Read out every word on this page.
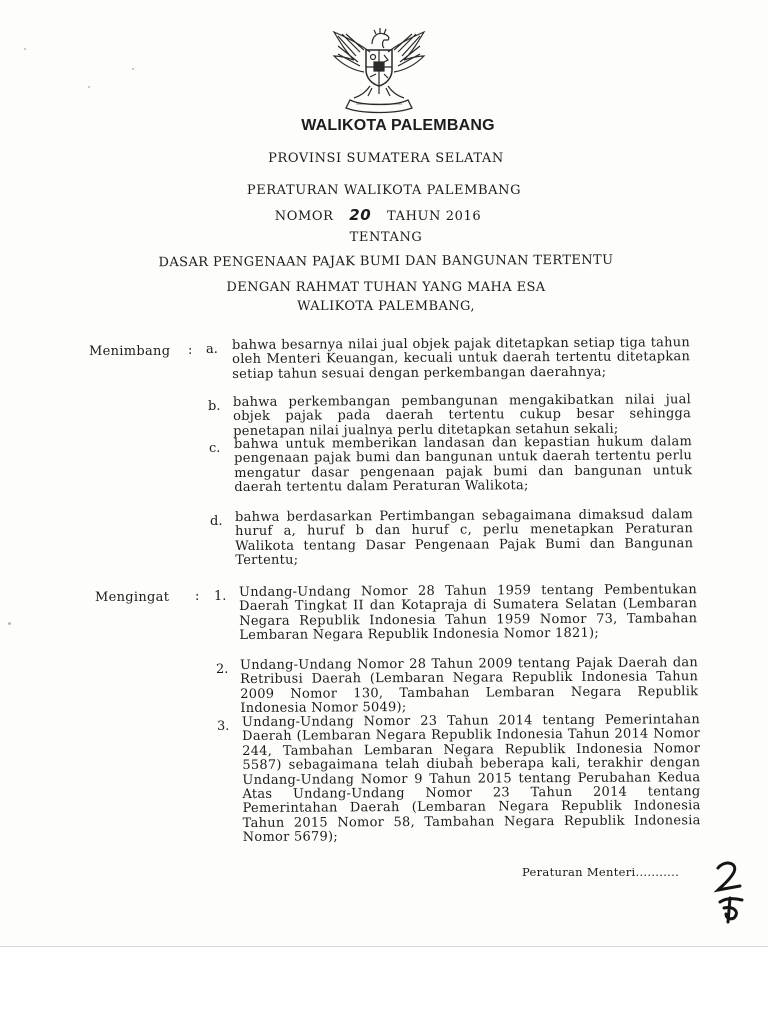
WALIKOTA PALEMBANG
PROVINSI SUMATERA SELATAN
PERATURAN WALIKOTA PALEMBANG
NOMOR 20 TAHUN 2016
TENTANG
DASAR PENGENAAN PAJAK BUMI DAN BANGUNAN TERTENTU
DENGAN RAHMAT TUHAN YANG MAHA ESA
WALIKOTA PALEMBANG,
Menimbang : a. bahwa besarnya nilai jual objek pajak ditetapkan setiap tiga tahun oleh Menteri Keuangan, kecuali untuk daerah tertentu ditetapkan setiap tahun sesuai dengan perkembangan daerahnya;
b. bahwa perkembangan pembangunan mengakibatkan nilai jual objek pajak pada daerah tertentu cukup besar sehingga penetapan nilai jualnya perlu ditetapkan setahun sekali;
c. bahwa untuk memberikan landasan dan kepastian hukum dalam pengenaan pajak bumi dan bangunan untuk daerah tertentu perlu mengatur dasar pengenaan pajak bumi dan bangunan untuk daerah tertentu dalam Peraturan Walikota;
d. bahwa berdasarkan Pertimbangan sebagaimana dimaksud dalam huruf a, huruf b dan huruf c, perlu menetapkan Peraturan Walikota tentang Dasar Pengenaan Pajak Bumi dan Bangunan Tertentu;
Mengingat : 1. Undang-Undang Nomor 28 Tahun 1959 tentang Pembentukan Daerah Tingkat II dan Kotapraja di Sumatera Selatan (Lembaran Negara Republik Indonesia Tahun 1959 Nomor 73, Tambahan Lembaran Negara Republik Indonesia Nomor 1821);
2. Undang-Undang Nomor 28 Tahun 2009 tentang Pajak Daerah dan Retribusi Daerah (Lembaran Negara Republik Indonesia Tahun 2009 Nomor 130, Tambahan Lembaran Negara Republik Indonesia Nomor 5049);
3. Undang-Undang Nomor 23 Tahun 2014 tentang Pemerintahan Daerah (Lembaran Negara Republik Indonesia Tahun 2014 Nomor 244, Tambahan Lembaran Negara Republik Indonesia Nomor 5587) sebagaimana telah diubah beberapa kali, terakhir dengan Undang-Undang Nomor 9 Tahun 2015 tentang Perubahan Kedua Atas Undang-Undang Nomor 23 Tahun 2014 tentang Pemerintahan Daerah (Lembaran Negara Republik Indonesia Tahun 2015 Nomor 58, Tambahan Negara Republik Indonesia Nomor 5679);
Peraturan Menteri...........
